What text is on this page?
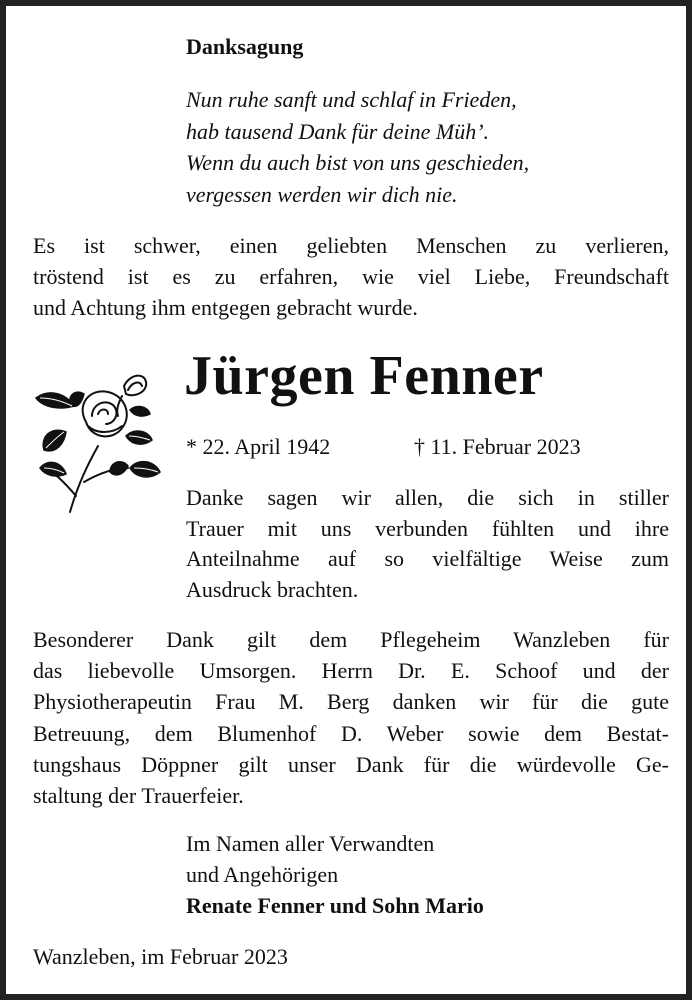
Danksagung
Nun ruhe sanft und schlaf in Frieden,
hab tausend Dank für deine Müh’.
Wenn du auch bist von uns geschieden,
vergessen werden wir dich nie.
Es ist schwer, einen geliebten Menschen zu verlieren,
tröstend ist es zu erfahren, wie viel Liebe, Freundschaft
und Achtung ihm entgegen gebracht wurde.
Jürgen Fenner
* 22. April 1942	† 11. Februar 2023
Danke sagen wir allen, die sich in stiller
Trauer mit uns verbunden fühlten und ihre
Anteilnahme auf so vielfältige Weise zum
Ausdruck brachten.
Besonderer Dank gilt dem Pflegeheim Wanzleben für
das liebevolle Umsorgen. Herrn Dr. E. Schoof und der
Physiotherapeutin Frau M. Berg danken wir für die gute
Betreuung, dem Blumenhof D. Weber sowie dem Bestat-
tungshaus Döppner gilt unser Dank für die würdevolle Ge-
staltung der Trauerfeier.
Im Namen aller Verwandten
und Angehörigen
Renate Fenner und Sohn Mario
Wanzleben, im Februar 2023
